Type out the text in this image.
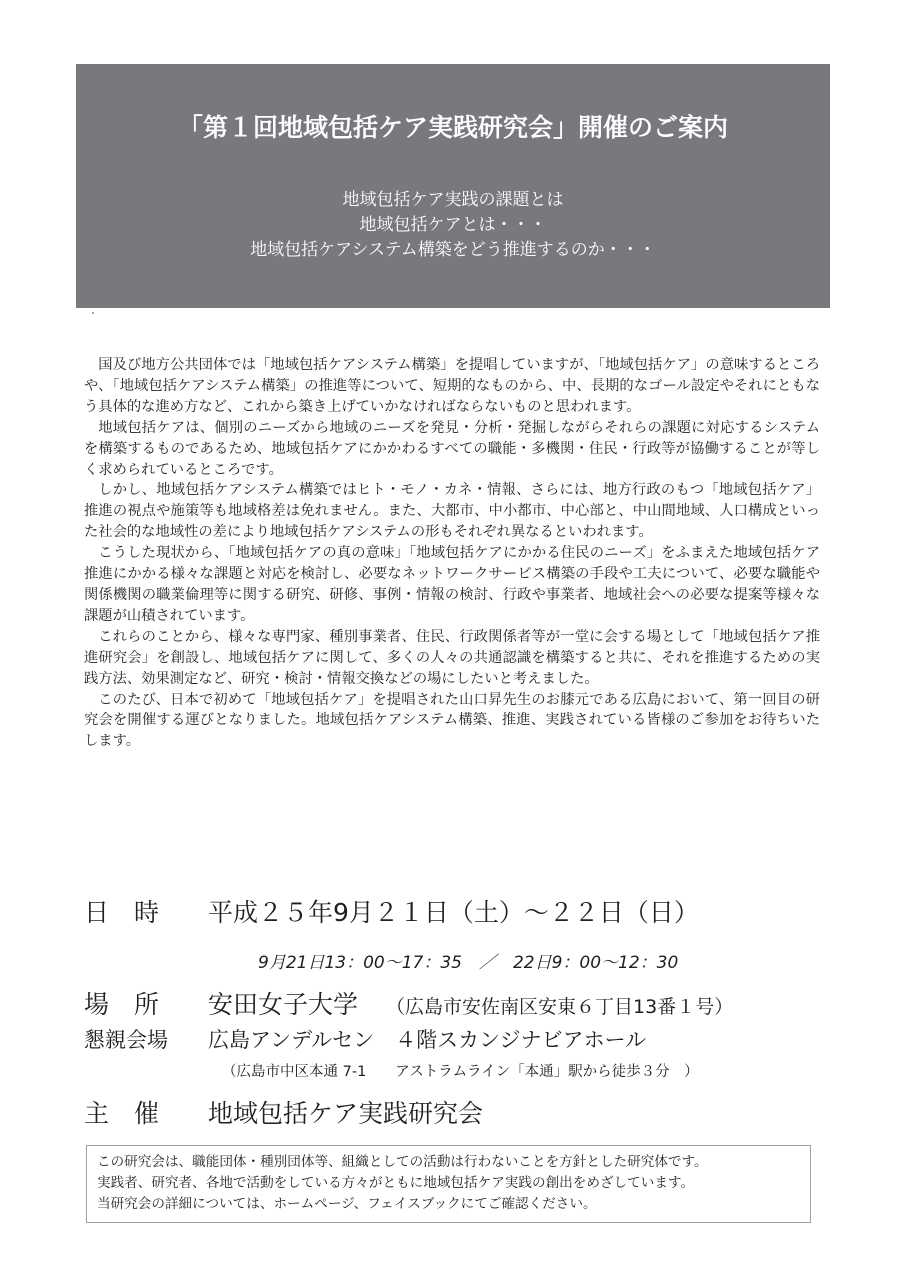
「第１回地域包括ケア実践研究会」開催のご案内
地域包括ケア実践の課題とは
地域包括ケアとは・・・
地域包括ケアシステム構築をどう推進するのか・・・

国及び地方公共団体では「地域包括ケアシステム構築」を提唱していますが、「地域包括ケア」の意味するところや、「地域包括ケアシステム構築」の推進等について、短期的なものから、中、長期的なゴール設定やそれにともなう具体的な進め方など、これから築き上げていかなければならないものと思われます。

地域包括ケアは、個別のニーズから地域のニーズを発見・分析・発掘しながらそれらの課題に対応するシステムを構築するものであるため、地域包括ケアにかかわるすべての職能・多機関・住民・行政等が協働することが等しく求められているところです。

しかし、地域包括ケアシステム構築ではヒト・モノ・カネ・情報、さらには、地方行政のもつ「地域包括ケア」推進の視点や施策等も地域格差は免れません。また、大都市、中小都市、中心部と、中山間地域、人口構成といった社会的な地域性の差により地域包括ケアシステムの形もそれぞれ異なるといわれます。

こうした現状から、「地域包括ケアの真の意味」「地域包括ケアにかかる住民のニーズ」をふまえた地域包括ケア推進にかかる様々な課題と対応を検討し、必要なネットワークサービス構築の手段や工夫について、必要な職能や関係機関の職業倫理等に関する研究、研修、事例・情報の検討、行政や事業者、地域社会への必要な提案等様々な課題が山積されています。

これらのことから、様々な専門家、種別事業者、住民、行政関係者等が一堂に会する場として「地域包括ケア推進研究会」を創設し、地域包括ケアに関して、多くの人々の共通認識を構築すると共に、それを推進するための実践方法、効果測定など、研究・検討・情報交換などの場にしたいと考えました。

このたび、日本で初めて「地域包括ケア」を提唱された山口昇先生のお膝元である広島において、第一回目の研究会を開催する運びとなりました。地域包括ケアシステム構築、推進、実践されている皆様のご参加をお待ちいたします。

日　時 平成２５年9月２１日（土）～２２日（日）
9月21日13：00～17：35　／　22日9：00～12：30
場　所 安田女子大学 （広島市安佐南区安東６丁目13番１号）
懇親会場 広島アンデルセン　４階スカンジナビアホール
（広島市中区本通 7-1　　アストラムライン「本通」駅から徒歩３分　）
主　催 地域包括ケア実践研究会
この研究会は、職能団体・種別団体等、組織としての活動は行わないことを方針とした研究体です。
実践者、研究者、各地で活動をしている方々がともに地域包括ケア実践の創出をめざしています。
当研究会の詳細については、ホームページ、フェイスブックにてご確認ください。
